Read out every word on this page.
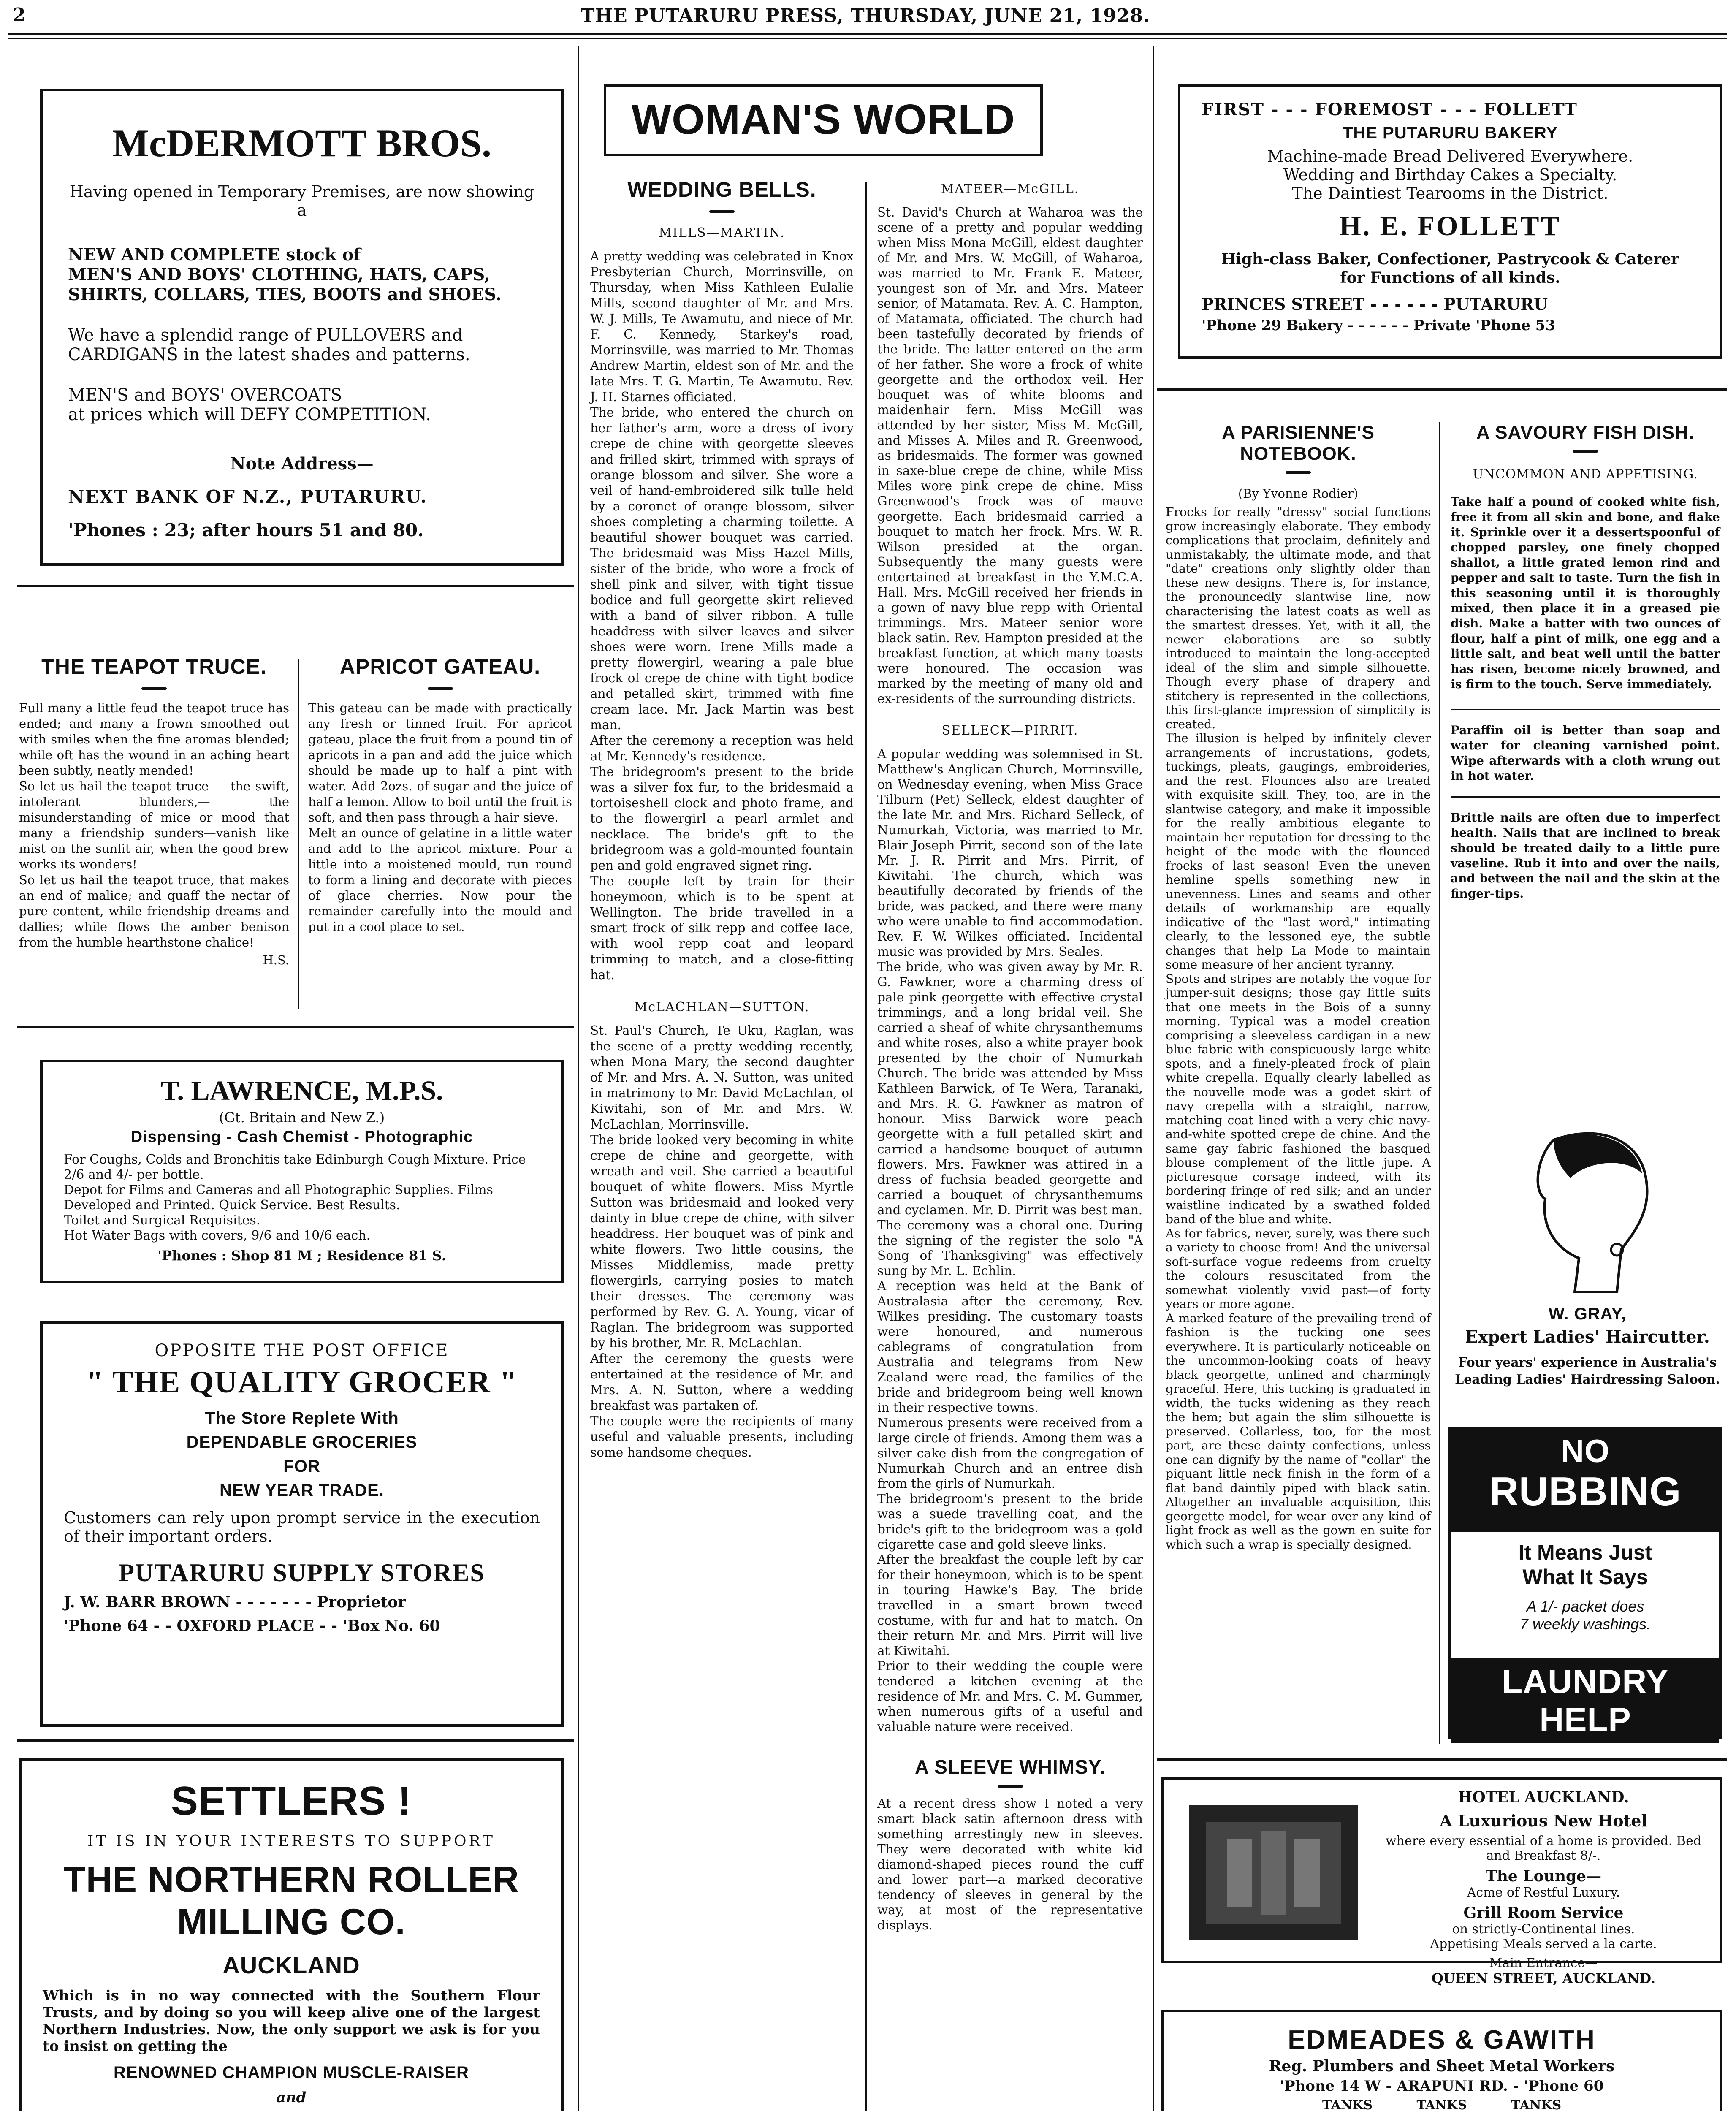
2	THE PUTARURU PRESS, THURSDAY, JUNE 21, 1928.
McDERMOTT BROS.
Having opened in Temporary Premises, are now showing a
NEW AND COMPLETE stock of
MEN'S AND BOYS' CLOTHING, HATS, CAPS, SHIRTS, COLLARS, TIES, BOOTS and SHOES.
We have a splendid range of PULLOVERS and CARDIGANS in the latest shades and patterns.
MEN'S and BOYS' OVERCOATS
at prices which will DEFY COMPETITION.
Note Address—
NEXT BANK OF N.Z., PUTARURU.
'Phones : 23; after hours 51 and 80.
THE TEAPOT TRUCE.
Full many a little feud the teapot truce has ended; and many a frown smoothed out with smiles when the fine aromas blended; while oft has the wound in an aching heart been subtly, neatly mended!
So let us hail the teapot truce — the swift, intolerant blunders,— the misunderstanding of mice or mood that many a friendship sunders—vanish like mist on the sunlit air, when the good brew works its wonders!
So let us hail the teapot truce, that makes an end of malice; and quaff the nectar of pure content, while friendship dreams and dallies; while flows the amber benison from the humble hearthstone chalice!
H.S.
APRICOT GATEAU.
This gateau can be made with practically any fresh or tinned fruit. For apricot gateau, place the fruit from a pound tin of apricots in a pan and add the juice which should be made up to half a pint with water. Add 2ozs. of sugar and the juice of half a lemon. Allow to boil until the fruit is soft, and then pass through a hair sieve.
Melt an ounce of gelatine in a little water and add to the apricot mixture. Pour a little into a moistened mould, run round to form a lining and decorate with pieces of glace cherries. Now pour the remainder carefully into the mould and put in a cool place to set.
T. LAWRENCE, M.P.S.
(Gt. Britain and New Z.)
Dispensing - Cash Chemist - Photographic
For Coughs, Colds and Bronchitis take Edinburgh Cough Mixture. Price 2/6 and 4/- per bottle.
Depot for Films and Cameras and all Photographic Supplies. Films Developed and Printed. Quick Service. Best Results.
Toilet and Surgical Requisites.
Hot Water Bags with covers, 9/6 and 10/6 each.
'Phones : Shop 81 M ; Residence 81 S.
OPPOSITE THE POST OFFICE
" THE QUALITY GROCER "
The Store Replete With
DEPENDABLE GROCERIES
FOR
NEW YEAR TRADE.
Customers can rely upon prompt service in the execution of their important orders.
PUTARURU SUPPLY STORES
J. W. BARR BROWN - - - - - - - Proprietor
'Phone 64 - - OXFORD PLACE - - 'Box No. 60
SETTLERS !
IT IS IN YOUR INTERESTS TO SUPPORT
THE NORTHERN ROLLER
MILLING CO.
AUCKLAND
Which is in no way connected with the Southern Flour Trusts, and by doing so you will keep alive one of the largest Northern Industries. Now, the only support we ask is for you to insist on getting the
RENOWNED CHAMPION MUSCLE-RAISER
and
WOMAN'S WORLD
WEDDING BELLS.
MILLS—MARTIN.
A pretty wedding was celebrated in Knox Presbyterian Church, Morrinsville, on Thursday, when Miss Kathleen Eulalie Mills, second daughter of Mr. and Mrs. W. J. Mills, Te Awamutu, and niece of Mr. F. C. Kennedy, Starkey's road, Morrinsville, was married to Mr. Thomas Andrew Martin, eldest son of Mr. and the late Mrs. T. G. Martin, Te Awamutu. Rev. J. H. Starnes officiated.
The bride, who entered the church on her father's arm, wore a dress of ivory crepe de chine with georgette sleeves and frilled skirt, trimmed with sprays of orange blossom and silver. She wore a veil of hand-embroidered silk tulle held by a coronet of orange blossom, silver shoes completing a charming toilette. A beautiful shower bouquet was carried. The bridesmaid was Miss Hazel Mills, sister of the bride, who wore a frock of shell pink and silver, with tight tissue bodice and full georgette skirt relieved with a band of silver ribbon. A tulle headdress with silver leaves and silver shoes were worn. Irene Mills made a pretty flowergirl, wearing a pale blue frock of crepe de chine with tight bodice and petalled skirt, trimmed with fine cream lace. Mr. Jack Martin was best man.
After the ceremony a reception was held at Mr. Kennedy's residence.
The bridegroom's present to the bride was a silver fox fur, to the bridesmaid a tortoiseshell clock and photo frame, and to the flowergirl a pearl armlet and necklace. The bride's gift to the bridegroom was a gold-mounted fountain pen and gold engraved signet ring.
The couple left by train for their honeymoon, which is to be spent at Wellington. The bride travelled in a smart frock of silk repp and coffee lace, with wool repp coat and leopard trimming to match, and a close-fitting hat.
McLACHLAN—SUTTON.
St. Paul's Church, Te Uku, Raglan, was the scene of a pretty wedding recently, when Mona Mary, the second daughter of Mr. and Mrs. A. N. Sutton, was united in matrimony to Mr. David McLachlan, of Kiwitahi, son of Mr. and Mrs. W. McLachlan, Morrinsville.
The bride looked very becoming in white crepe de chine and georgette, with wreath and veil. She carried a beautiful bouquet of white flowers. Miss Myrtle Sutton was bridesmaid and looked very dainty in blue crepe de chine, with silver headdress. Her bouquet was of pink and white flowers. Two little cousins, the Misses Middlemiss, made pretty flowergirls, carrying posies to match their dresses. The ceremony was performed by Rev. G. A. Young, vicar of Raglan. The bridegroom was supported by his brother, Mr. R. McLachlan.
After the ceremony the guests were entertained at the residence of Mr. and Mrs. A. N. Sutton, where a wedding breakfast was partaken of.
The couple were the recipients of many useful and valuable presents, including some handsome cheques.
MATEER—McGILL.
St. David's Church at Waharoa was the scene of a pretty and popular wedding when Miss Mona McGill, eldest daughter of Mr. and Mrs. W. McGill, of Waharoa, was married to Mr. Frank E. Mateer, youngest son of Mr. and Mrs. Mateer senior, of Matamata. Rev. A. C. Hampton, of Matamata, officiated. The church had been tastefully decorated by friends of the bride. The latter entered on the arm of her father. She wore a frock of white georgette and the orthodox veil. Her bouquet was of white blooms and maidenhair fern. Miss McGill was attended by her sister, Miss M. McGill, and Misses A. Miles and R. Greenwood, as bridesmaids. The former was gowned in saxe-blue crepe de chine, while Miss Miles wore pink crepe de chine. Miss Greenwood's frock was of mauve georgette. Each bridesmaid carried a bouquet to match her frock. Mrs. W. R. Wilson presided at the organ. Subsequently the many guests were entertained at breakfast in the Y.M.C.A. Hall. Mrs. McGill received her friends in a gown of navy blue repp with Oriental trimmings. Mrs. Mateer senior wore black satin. Rev. Hampton presided at the breakfast function, at which many toasts were honoured. The occasion was marked by the meeting of many old and ex-residents of the surrounding districts.
SELLECK—PIRRIT.
A popular wedding was solemnised in St. Matthew's Anglican Church, Morrinsville, on Wednesday evening, when Miss Grace Tilburn (Pet) Selleck, eldest daughter of the late Mr. and Mrs. Richard Selleck, of Numurkah, Victoria, was married to Mr. Blair Joseph Pirrit, second son of the late Mr. J. R. Pirrit and Mrs. Pirrit, of Kiwitahi. The church, which was beautifully decorated by friends of the bride, was packed, and there were many who were unable to find accommodation. Rev. F. W. Wilkes officiated. Incidental music was provided by Mrs. Seales.
The bride, who was given away by Mr. R. G. Fawkner, wore a charming dress of pale pink georgette with effective crystal trimmings, and a long bridal veil. She carried a sheaf of white chrysanthemums and white roses, also a white prayer book presented by the choir of Numurkah Church. The bride was attended by Miss Kathleen Barwick, of Te Wera, Taranaki, and Mrs. R. G. Fawkner as matron of honour. Miss Barwick wore peach georgette with a full petalled skirt and carried a handsome bouquet of autumn flowers. Mrs. Fawkner was attired in a dress of fuchsia beaded georgette and carried a bouquet of chrysanthemums and cyclamen. Mr. D. Pirrit was best man.
The ceremony was a choral one. During the signing of the register the solo "A Song of Thanksgiving" was effectively sung by Mr. L. Echlin.
A reception was held at the Bank of Australasia after the ceremony, Rev. Wilkes presiding. The customary toasts were honoured, and numerous cablegrams of congratulation from Australia and telegrams from New Zealand were read, the families of the bride and bridegroom being well known in their respective towns.
Numerous presents were received from a large circle of friends. Among them was a silver cake dish from the congregation of Numurkah Church and an entree dish from the girls of Numurkah.
The bridegroom's present to the bride was a suede travelling coat, and the bride's gift to the bridegroom was a gold cigarette case and gold sleeve links.
After the breakfast the couple left by car for their honeymoon, which is to be spent in touring Hawke's Bay. The bride travelled in a smart brown tweed costume, with fur and hat to match. On their return Mr. and Mrs. Pirrit will live at Kiwitahi.
Prior to their wedding the couple were tendered a kitchen evening at the residence of Mr. and Mrs. C. M. Gummer, when numerous gifts of a useful and valuable nature were received.
A SLEEVE WHIMSY.
At a recent dress show I noted a very smart black satin afternoon dress with something arrestingly new in sleeves. They were decorated with white kid diamond-shaped pieces round the cuff and lower part—a marked decorative tendency of sleeves in general by the way, at most of the representative displays.
FIRST - - - FOREMOST - - - FOLLETT
THE PUTARURU BAKERY
Machine-made Bread Delivered Everywhere.
Wedding and Birthday Cakes a Specialty.
The Daintiest Tearooms in the District.
H. E. FOLLETT
High-class Baker, Confectioner, Pastrycook & Caterer
for Functions of all kinds.
PRINCES STREET - - - - - - PUTARURU
'Phone 29 Bakery - - - - - - Private 'Phone 53
A PARISIENNE'S NOTEBOOK.
(By Yvonne Rodier)
Frocks for really "dressy" social functions grow increasingly elaborate. They embody complications that proclaim, definitely and unmistakably, the ultimate mode, and that "date" creations only slightly older than these new designs. There is, for instance, the pronouncedly slantwise line, now characterising the latest coats as well as the smartest dresses. Yet, with it all, the newer elaborations are so subtly introduced to maintain the long-accepted ideal of the slim and simple silhouette. Though every phase of drapery and stitchery is represented in the collections, this first-glance impression of simplicity is created.
The illusion is helped by infinitely clever arrangements of incrustations, godets, tuckings, pleats, gaugings, embroideries, and the rest. Flounces also are treated with exquisite skill. They, too, are in the slantwise category, and make it impossible for the really ambitious elegante to maintain her reputation for dressing to the height of the mode with the flounced frocks of last season! Even the uneven hemline spells something new in unevenness. Lines and seams and other details of workmanship are equally indicative of the "last word," intimating clearly, to the lessoned eye, the subtle changes that help La Mode to maintain some measure of her ancient tyranny.
Spots and stripes are notably the vogue for jumper-suit designs; those gay little suits that one meets in the Bois of a sunny morning. Typical was a model creation comprising a sleeveless cardigan in a new blue fabric with conspicuously large white spots, and a finely-pleated frock of plain white crepella. Equally clearly labelled as the nouvelle mode was a godet skirt of navy crepella with a straight, narrow, matching coat lined with a very chic navy-and-white spotted crepe de chine. And the same gay fabric fashioned the basqued blouse complement of the little jupe. A picturesque corsage indeed, with its bordering fringe of red silk; and an under waistline indicated by a swathed folded band of the blue and white.
As for fabrics, never, surely, was there such a variety to choose from! And the universal soft-surface vogue redeems from cruelty the colours resuscitated from the somewhat violently vivid past—of forty years or more agone.
A marked feature of the prevailing trend of fashion is the tucking one sees everywhere. It is particularly noticeable on the uncommon-looking coats of heavy black georgette, unlined and charmingly graceful. Here, this tucking is graduated in width, the tucks widening as they reach the hem; but again the slim silhouette is preserved. Collarless, too, for the most part, are these dainty confections, unless one can dignify by the name of "collar" the piquant little neck finish in the form of a flat band daintily piped with black satin. Altogether an invaluable acquisition, this georgette model, for wear over any kind of light frock as well as the gown en suite for which such a wrap is specially designed.
A SAVOURY FISH DISH.
UNCOMMON AND APPETISING.
Take half a pound of cooked white fish, free it from all skin and bone, and flake it. Sprinkle over it a dessertspoonful of chopped parsley, one finely chopped shallot, a little grated lemon rind and pepper and salt to taste. Turn the fish in this seasoning until it is thoroughly mixed, then place it in a greased pie dish. Make a batter with two ounces of flour, half a pint of milk, one egg and a little salt, and beat well until the batter has risen, become nicely browned, and is firm to the touch. Serve immediately.
Paraffin oil is better than soap and water for cleaning varnished point. Wipe afterwards with a cloth wrung out in hot water.
Brittle nails are often due to imperfect health. Nails that are inclined to break should be treated daily to a little pure vaseline. Rub it into and over the nails, and between the nail and the skin at the finger-tips.
W. GRAY,
Expert Ladies' Haircutter.
Four years' experience in Australia's Leading Ladies' Hairdressing Saloon.
NO
RUBBING
It Means Just
What It Says
A 1/- packet does
7 weekly washings.
LAUNDRY
HELP
HOTEL AUCKLAND.
A Luxurious New Hotel
where every essential of a home is provided. Bed and Breakfast 8/-.
The Lounge—
Acme of Restful Luxury.
Grill Room Service
on strictly-Continental lines.
Appetising Meals served a la carte.
Main Entrance—
QUEEN STREET, AUCKLAND.
EDMEADES & GAWITH
Reg. Plumbers and Sheet Metal Workers
'Phone 14 W - ARAPUNI RD. - 'Phone 60
TANKS          TANKS          TANKS
